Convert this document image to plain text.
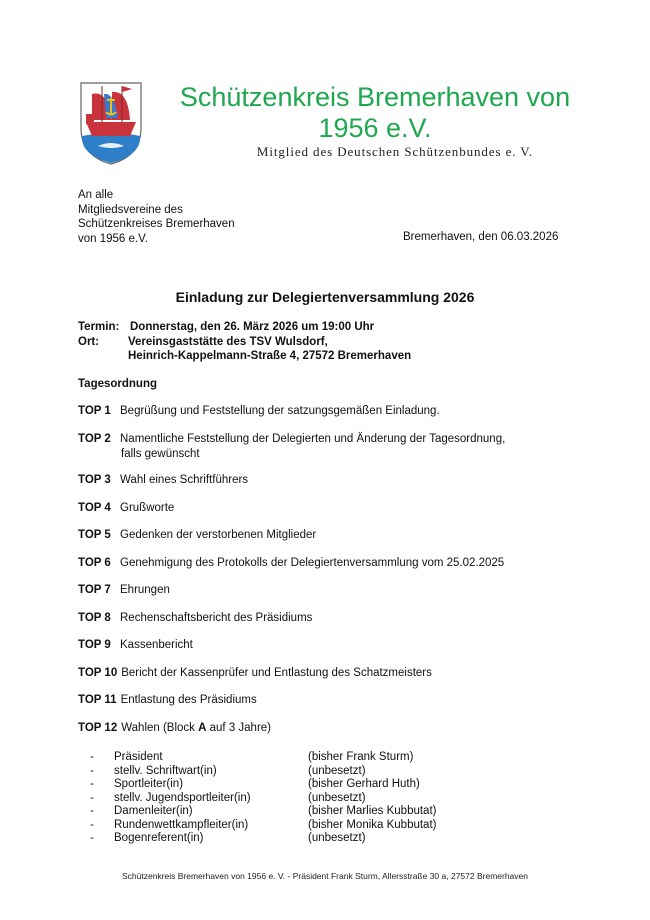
Schützenkreis Bremerhaven von
1956 e.V.
Mitglied des Deutschen Schützenbundes e. V.
An alle
Mitgliedsvereine des
Schützenkreises Bremerhaven
von 1956 e.V.	Bremerhaven, den 06.03.2026
Einladung zur Delegiertenversammlung 2026
Termin: Donnerstag, den 26. März 2026 um 19:00 Uhr
Ort:	Vereinsgaststätte des TSV Wulsdorf,
Heinrich-Kappelmann-Straße 4, 27572 Bremerhaven
Tagesordnung
TOP 1 Begrüßung und Feststellung der satzungsgemäßen Einladung.
TOP 2 Namentliche Feststellung der Delegierten und Änderung der Tagesordnung,
falls gewünscht
TOP 3 Wahl eines Schriftführers
TOP 4 Grußworte
TOP 5 Gedenken der verstorbenen Mitglieder
TOP 6 Genehmigung des Protokolls der Delegiertenversammlung vom 25.02.2025
TOP 7 Ehrungen
TOP 8 Rechenschaftsbericht des Präsidiums
TOP 9 Kassenbericht
TOP 10 Bericht der Kassenprüfer und Entlastung des Schatzmeisters
TOP 11 Entlastung des Präsidiums
TOP 12 Wahlen (Block A auf 3 Jahre)
- Präsident	(bisher Frank Sturm)
- stellv. Schriftwart(in)	(unbesetzt)
- Sportleiter(in)	(bisher Gerhard Huth)
- stellv. Jugendsportleiter(in)	(unbesetzt)
- Damenleiter(in)	(bisher Marlies Kubbutat)
- Rundenwettkampfleiter(in)	(bisher Monika Kubbutat)
- Bogenreferent(in)	(unbesetzt)
Schützenkreis Bremerhaven von 1956 e. V. - Präsident Frank Sturm, Allersstraße 30 a, 27572 Bremerhaven
